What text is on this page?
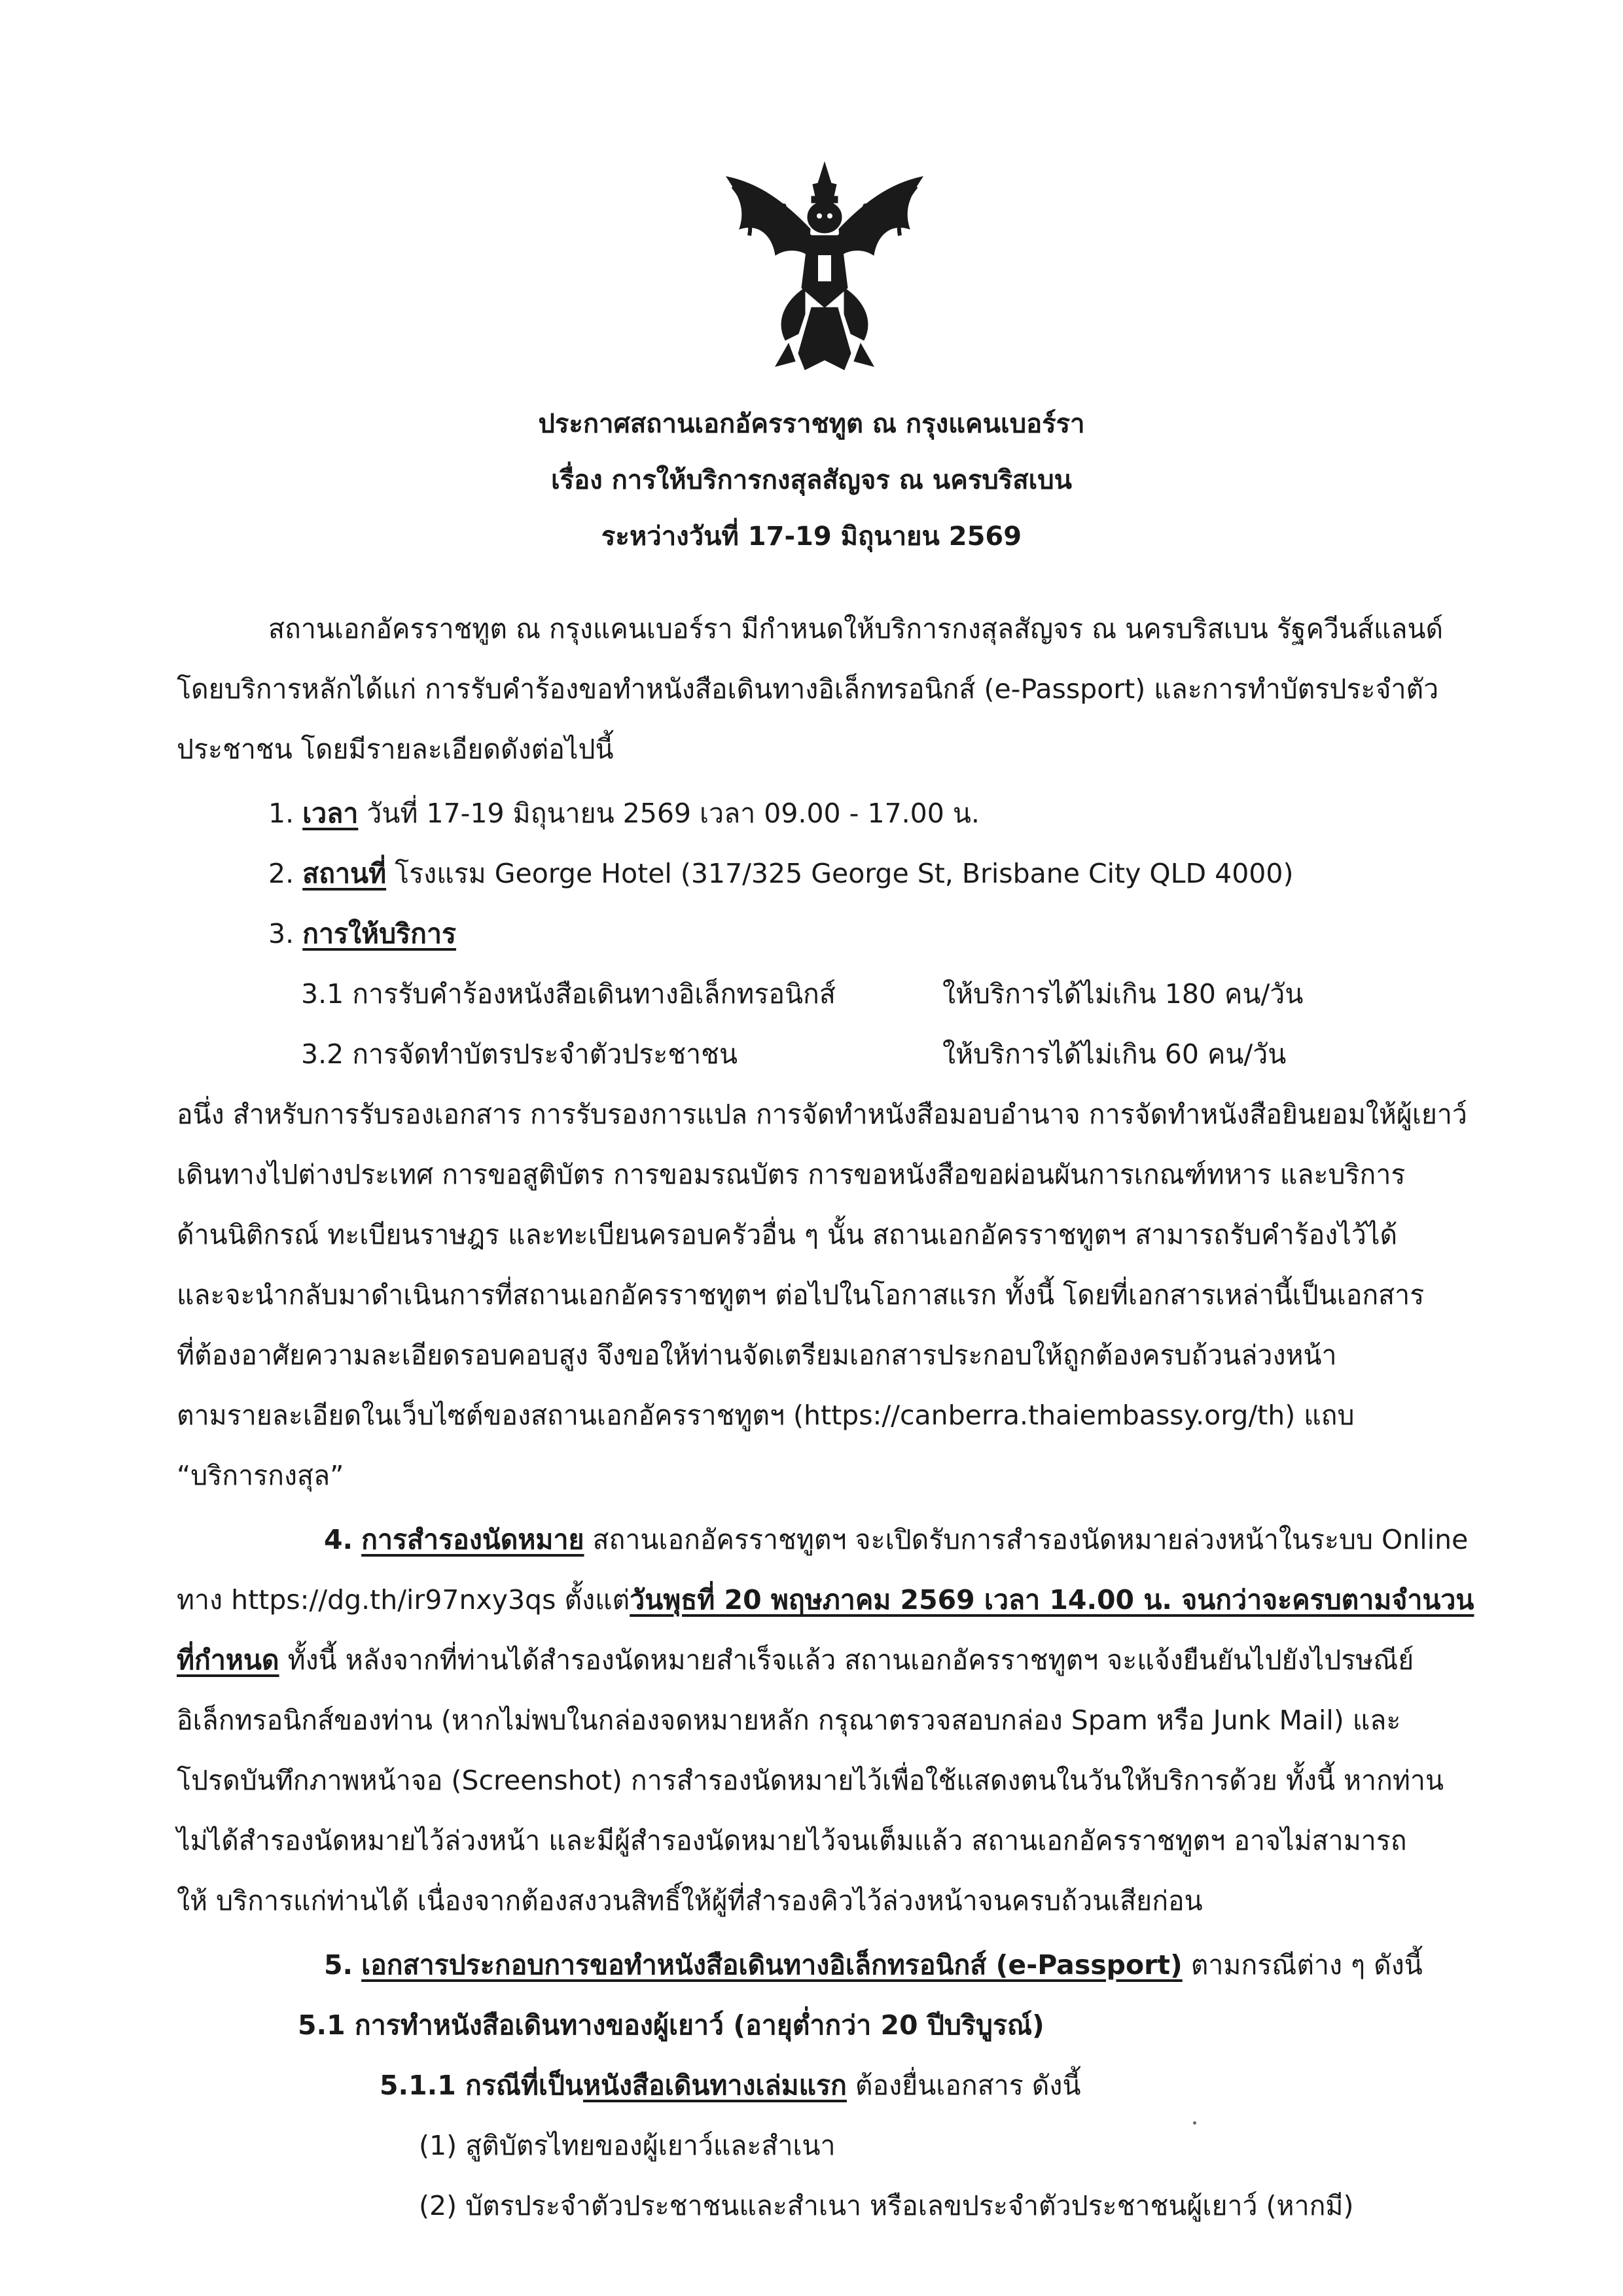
ประกาศสถานเอกอัครราชทูต ณ กรุงแคนเบอร์รา
เรื่อง การให้บริการกงสุลสัญจร ณ นครบริสเบน
ระหว่างวันที่ 17-19 มิถุนายน 2569
สถานเอกอัครราชทูต ณ กรุงแคนเบอร์รา มีกำหนดให้บริการกงสุลสัญจร ณ นครบริสเบน รัฐควีนส์แลนด์
โดยบริการหลักได้แก่ การรับคำร้องขอทำหนังสือเดินทางอิเล็กทรอนิกส์ (e-Passport) และการทำบัตรประจำตัว
ประชาชน โดยมีรายละเอียดดังต่อไปนี้
1. เวลา วันที่ 17-19 มิถุนายน 2569 เวลา 09.00 - 17.00 น.
2. สถานที่ โรงแรม George Hotel (317/325 George St, Brisbane City QLD 4000)
3. การให้บริการ
3.1 การรับคำร้องหนังสือเดินทางอิเล็กทรอนิกส์	ให้บริการได้ไม่เกิน 180 คน/วัน
3.2 การจัดทำบัตรประจำตัวประชาชน	ให้บริการได้ไม่เกิน 60 คน/วัน
อนึ่ง สำหรับการรับรองเอกสาร การรับรองการแปล การจัดทำหนังสือมอบอำนาจ การจัดทำหนังสือยินยอมให้ผู้เยาว์
เดินทางไปต่างประเทศ การขอสูติบัตร การขอมรณบัตร การขอหนังสือขอผ่อนผันการเกณฑ์ทหาร และบริการ
ด้านนิติกรณ์ ทะเบียนราษฎร และทะเบียนครอบครัวอื่น ๆ นั้น สถานเอกอัครราชทูตฯ สามารถรับคำร้องไว้ได้
และจะนำกลับมาดำเนินการที่สถานเอกอัครราชทูตฯ ต่อไปในโอกาสแรก ทั้งนี้ โดยที่เอกสารเหล่านี้เป็นเอกสาร
ที่ต้องอาศัยความละเอียดรอบคอบสูง จึงขอให้ท่านจัดเตรียมเอกสารประกอบให้ถูกต้องครบถ้วนล่วงหน้า
ตามรายละเอียดในเว็บไซต์ของสถานเอกอัครราชทูตฯ (https://canberra.thaiembassy.org/th) แถบ
“บริการกงสุล”
4. การสำรองนัดหมาย สถานเอกอัครราชทูตฯ จะเปิดรับการสำรองนัดหมายล่วงหน้าในระบบ Online
ทาง https://dg.th/ir97nxy3qs ตั้งแต่วันพุธที่ 20 พฤษภาคม 2569 เวลา 14.00 น. จนกว่าจะครบตามจำนวน
ที่กำหนด ทั้งนี้ หลังจากที่ท่านได้สำรองนัดหมายสำเร็จแล้ว สถานเอกอัครราชทูตฯ จะแจ้งยืนยันไปยังไปรษณีย์
อิเล็กทรอนิกส์ของท่าน (หากไม่พบในกล่องจดหมายหลัก กรุณาตรวจสอบกล่อง Spam หรือ Junk Mail) และ
โปรดบันทึกภาพหน้าจอ (Screenshot) การสำรองนัดหมายไว้เพื่อใช้แสดงตนในวันให้บริการด้วย ทั้งนี้ หากท่าน
ไม่ได้สำรองนัดหมายไว้ล่วงหน้า และมีผู้สำรองนัดหมายไว้จนเต็มแล้ว สถานเอกอัครราชทูตฯ อาจไม่สามารถ
ให้ บริการแก่ท่านได้ เนื่องจากต้องสงวนสิทธิ์ให้ผู้ที่สำรองคิวไว้ล่วงหน้าจนครบถ้วนเสียก่อน
5. เอกสารประกอบการขอทำหนังสือเดินทางอิเล็กทรอนิกส์ (e-Passport) ตามกรณีต่าง ๆ ดังนี้
5.1 การทำหนังสือเดินทางของผู้เยาว์ (อายุต่ำกว่า 20 ปีบริบูรณ์)
5.1.1 กรณีที่เป็นหนังสือเดินทางเล่มแรก ต้องยื่นเอกสาร ดังนี้
(1) สูติบัตรไทยของผู้เยาว์และสำเนา
(2) บัตรประจำตัวประชาชนและสำเนา หรือเลขประจำตัวประชาชนผู้เยาว์ (หากมี)
